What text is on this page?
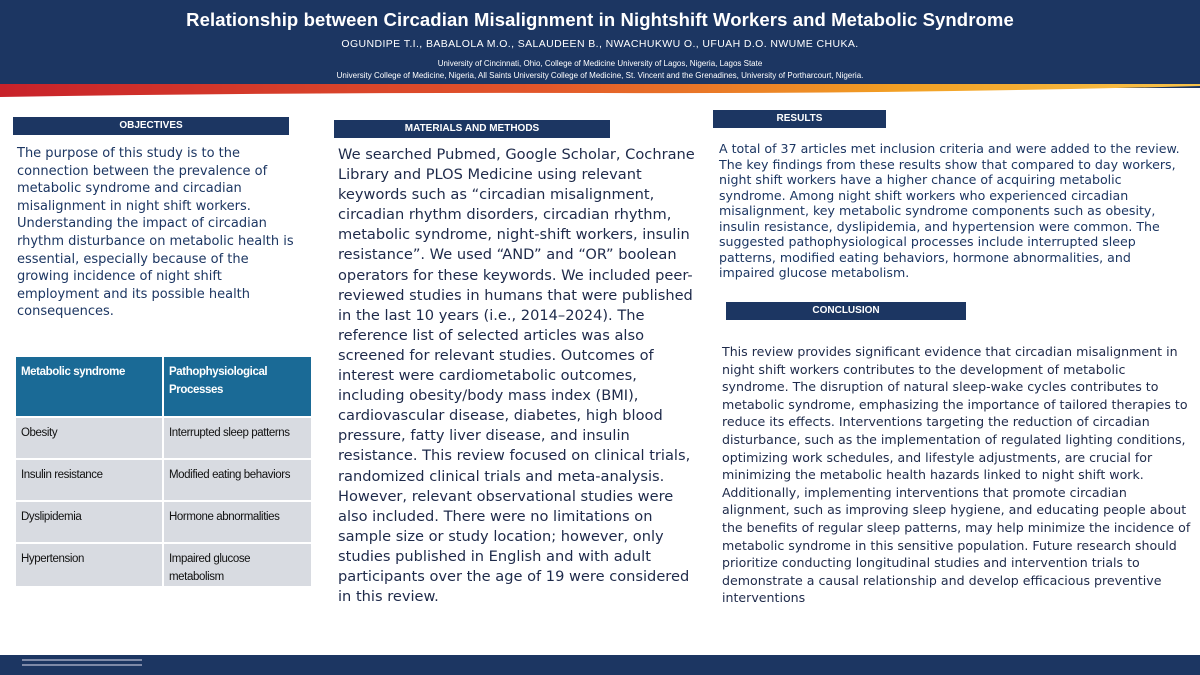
Relationship between Circadian Misalignment in Nightshift Workers and Metabolic Syndrome
OGUNDIPE T.I., BABALOLA M.O., SALAUDEEN B., NWACHUKWU O., UFUAH D.O. NWUME CHUKA.
University of Cincinnati, Ohio, College of Medicine University of Lagos, Nigeria, Lagos State
University College of Medicine, Nigeria, All Saints University College of Medicine, St. Vincent and the Grenadines, University of Portharcourt, Nigeria.
OBJECTIVES
The purpose of this study is to the connection between the prevalence of metabolic syndrome and circadian misalignment in night shift workers. Understanding the impact of circadian rhythm disturbance on metabolic health is essential, especially because of the growing incidence of night shift employment and its possible health consequences.
Metabolic syndrome	Pathophysiological Processes
Obesity	Interrupted sleep patterns
Insulin resistance	Modified eating behaviors
Dyslipidemia	Hormone abnormalities
Hypertension	Impaired glucose metabolism
MATERIALS AND METHODS
We searched Pubmed, Google Scholar, Cochrane Library and PLOS Medicine using relevant keywords such as “circadian misalignment, circadian rhythm disorders, circadian rhythm, metabolic syndrome, night-shift workers, insulin resistance”. We used “AND” and “OR” boolean operators for these keywords. We included peer-reviewed studies in humans that were published in the last 10 years (i.e., 2014–2024). The reference list of selected articles was also screened for relevant studies. Outcomes of interest were cardiometabolic outcomes, including obesity/body mass index (BMI), cardiovascular disease, diabetes, high blood pressure, fatty liver disease, and insulin resistance. This review focused on clinical trials, randomized clinical trials and meta-analysis. However, relevant observational studies were also included. There were no limitations on sample size or study location; however, only studies published in English and with adult participants over the age of 19 were considered in this review.
RESULTS
A total of 37 articles met inclusion criteria and were added to the review. The key findings from these results show that compared to day workers, night shift workers have a higher chance of acquiring metabolic syndrome. Among night shift workers who experienced circadian misalignment, key metabolic syndrome components such as obesity, insulin resistance, dyslipidemia, and hypertension were common. The suggested pathophysiological processes include interrupted sleep patterns, modified eating behaviors, hormone abnormalities, and impaired glucose metabolism.
CONCLUSION
This review provides significant evidence that circadian misalignment in night shift workers contributes to the development of metabolic syndrome. The disruption of natural sleep-wake cycles contributes to metabolic syndrome, emphasizing the importance of tailored therapies to reduce its effects. Interventions targeting the reduction of circadian disturbance, such as the implementation of regulated lighting conditions, optimizing work schedules, and lifestyle adjustments, are crucial for minimizing the metabolic health hazards linked to night shift work. Additionally, implementing interventions that promote circadian alignment, such as improving sleep hygiene, and educating people about the benefits of regular sleep patterns, may help minimize the incidence of metabolic syndrome in this sensitive population. Future research should prioritize conducting longitudinal studies and intervention trials to demonstrate a causal relationship and develop efficacious preventive interventions
